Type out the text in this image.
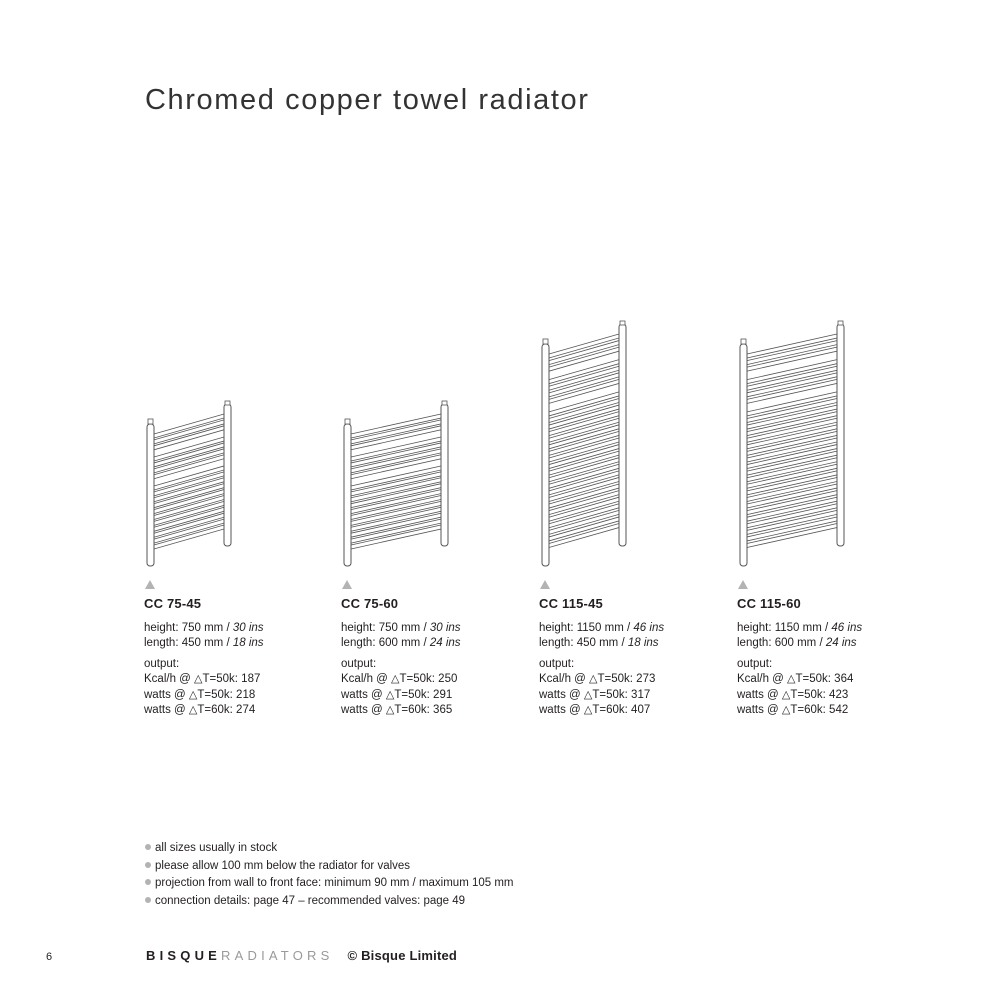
Chromed copper towel radiator
CC 75-45
height: 750 mm / 30 ins
length: 450 mm / 18 ins
output:
Kcal/h @ △T=50k: 187
watts @ △T=50k: 218
watts @ △T=60k: 274
CC 75-60
height: 750 mm / 30 ins
length: 600 mm / 24 ins
output:
Kcal/h @ △T=50k: 250
watts @ △T=50k: 291
watts @ △T=60k: 365
CC 115-45
height: 1150 mm / 46 ins
length: 450 mm / 18 ins
output:
Kcal/h @ △T=50k: 273
watts @ △T=50k: 317
watts @ △T=60k: 407
CC 115-60
height: 1150 mm / 46 ins
length: 600 mm / 24 ins
output:
Kcal/h @ △T=50k: 364
watts @ △T=50k: 423
watts @ △T=60k: 542
all sizes usually in stock
please allow 100 mm below the radiator for valves
projection from wall to front face: minimum 90 mm / maximum 105 mm
connection details: page 47 – recommended valves: page 49
6	BISQUERADIATORS © Bisque Limited
